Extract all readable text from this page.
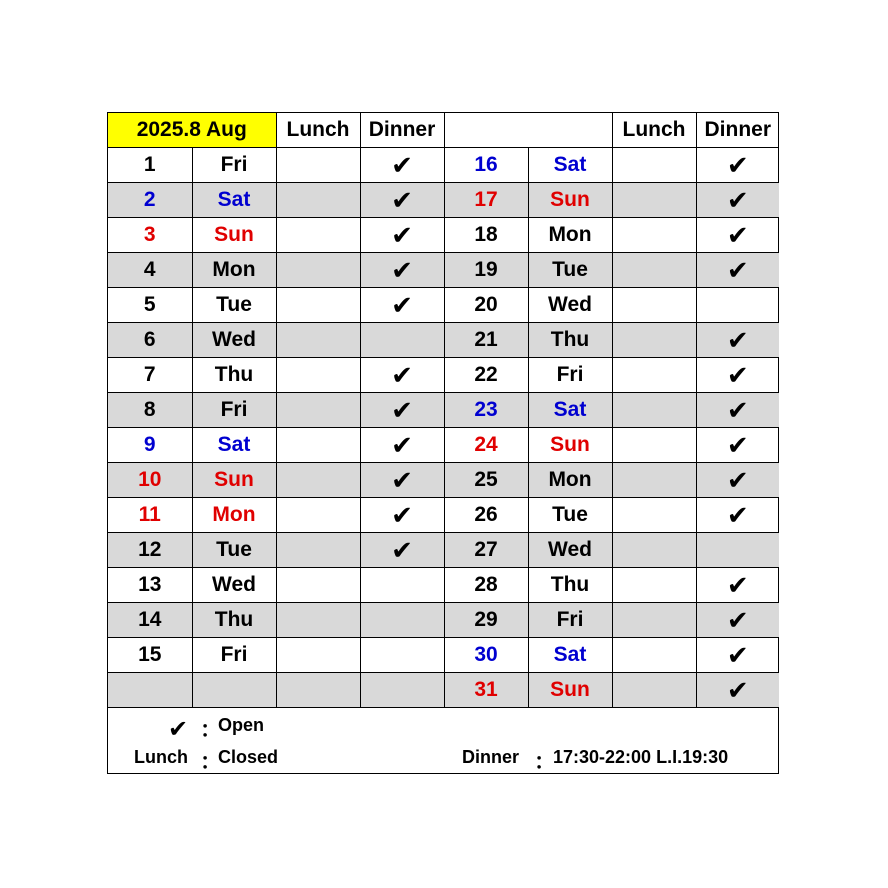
2025.8 Aug		Lunch	Dinner			Lunch	Dinner
1	Fri		✔	16	Sat		✔
2	Sat		✔	17	Sun		✔
3	Sun		✔	18	Mon		✔
4	Mon		✔	19	Tue		✔
5	Tue		✔	20	Wed		
6	Wed			21	Thu		✔
7	Thu		✔	22	Fri		✔
8	Fri		✔	23	Sat		✔
9	Sat		✔	24	Sun		✔
10	Sun		✔	25	Mon		✔
11	Mon		✔	26	Tue		✔
12	Tue		✔	27	Wed		
13	Wed			28	Thu		✔
14	Thu			29	Fri		✔
15	Fri			30	Sat		✔
				31	Sun		✔
✔ ：
Open
Lunch ：
Closed	Dinner ：
17:30-22:00 L.I.19:30
